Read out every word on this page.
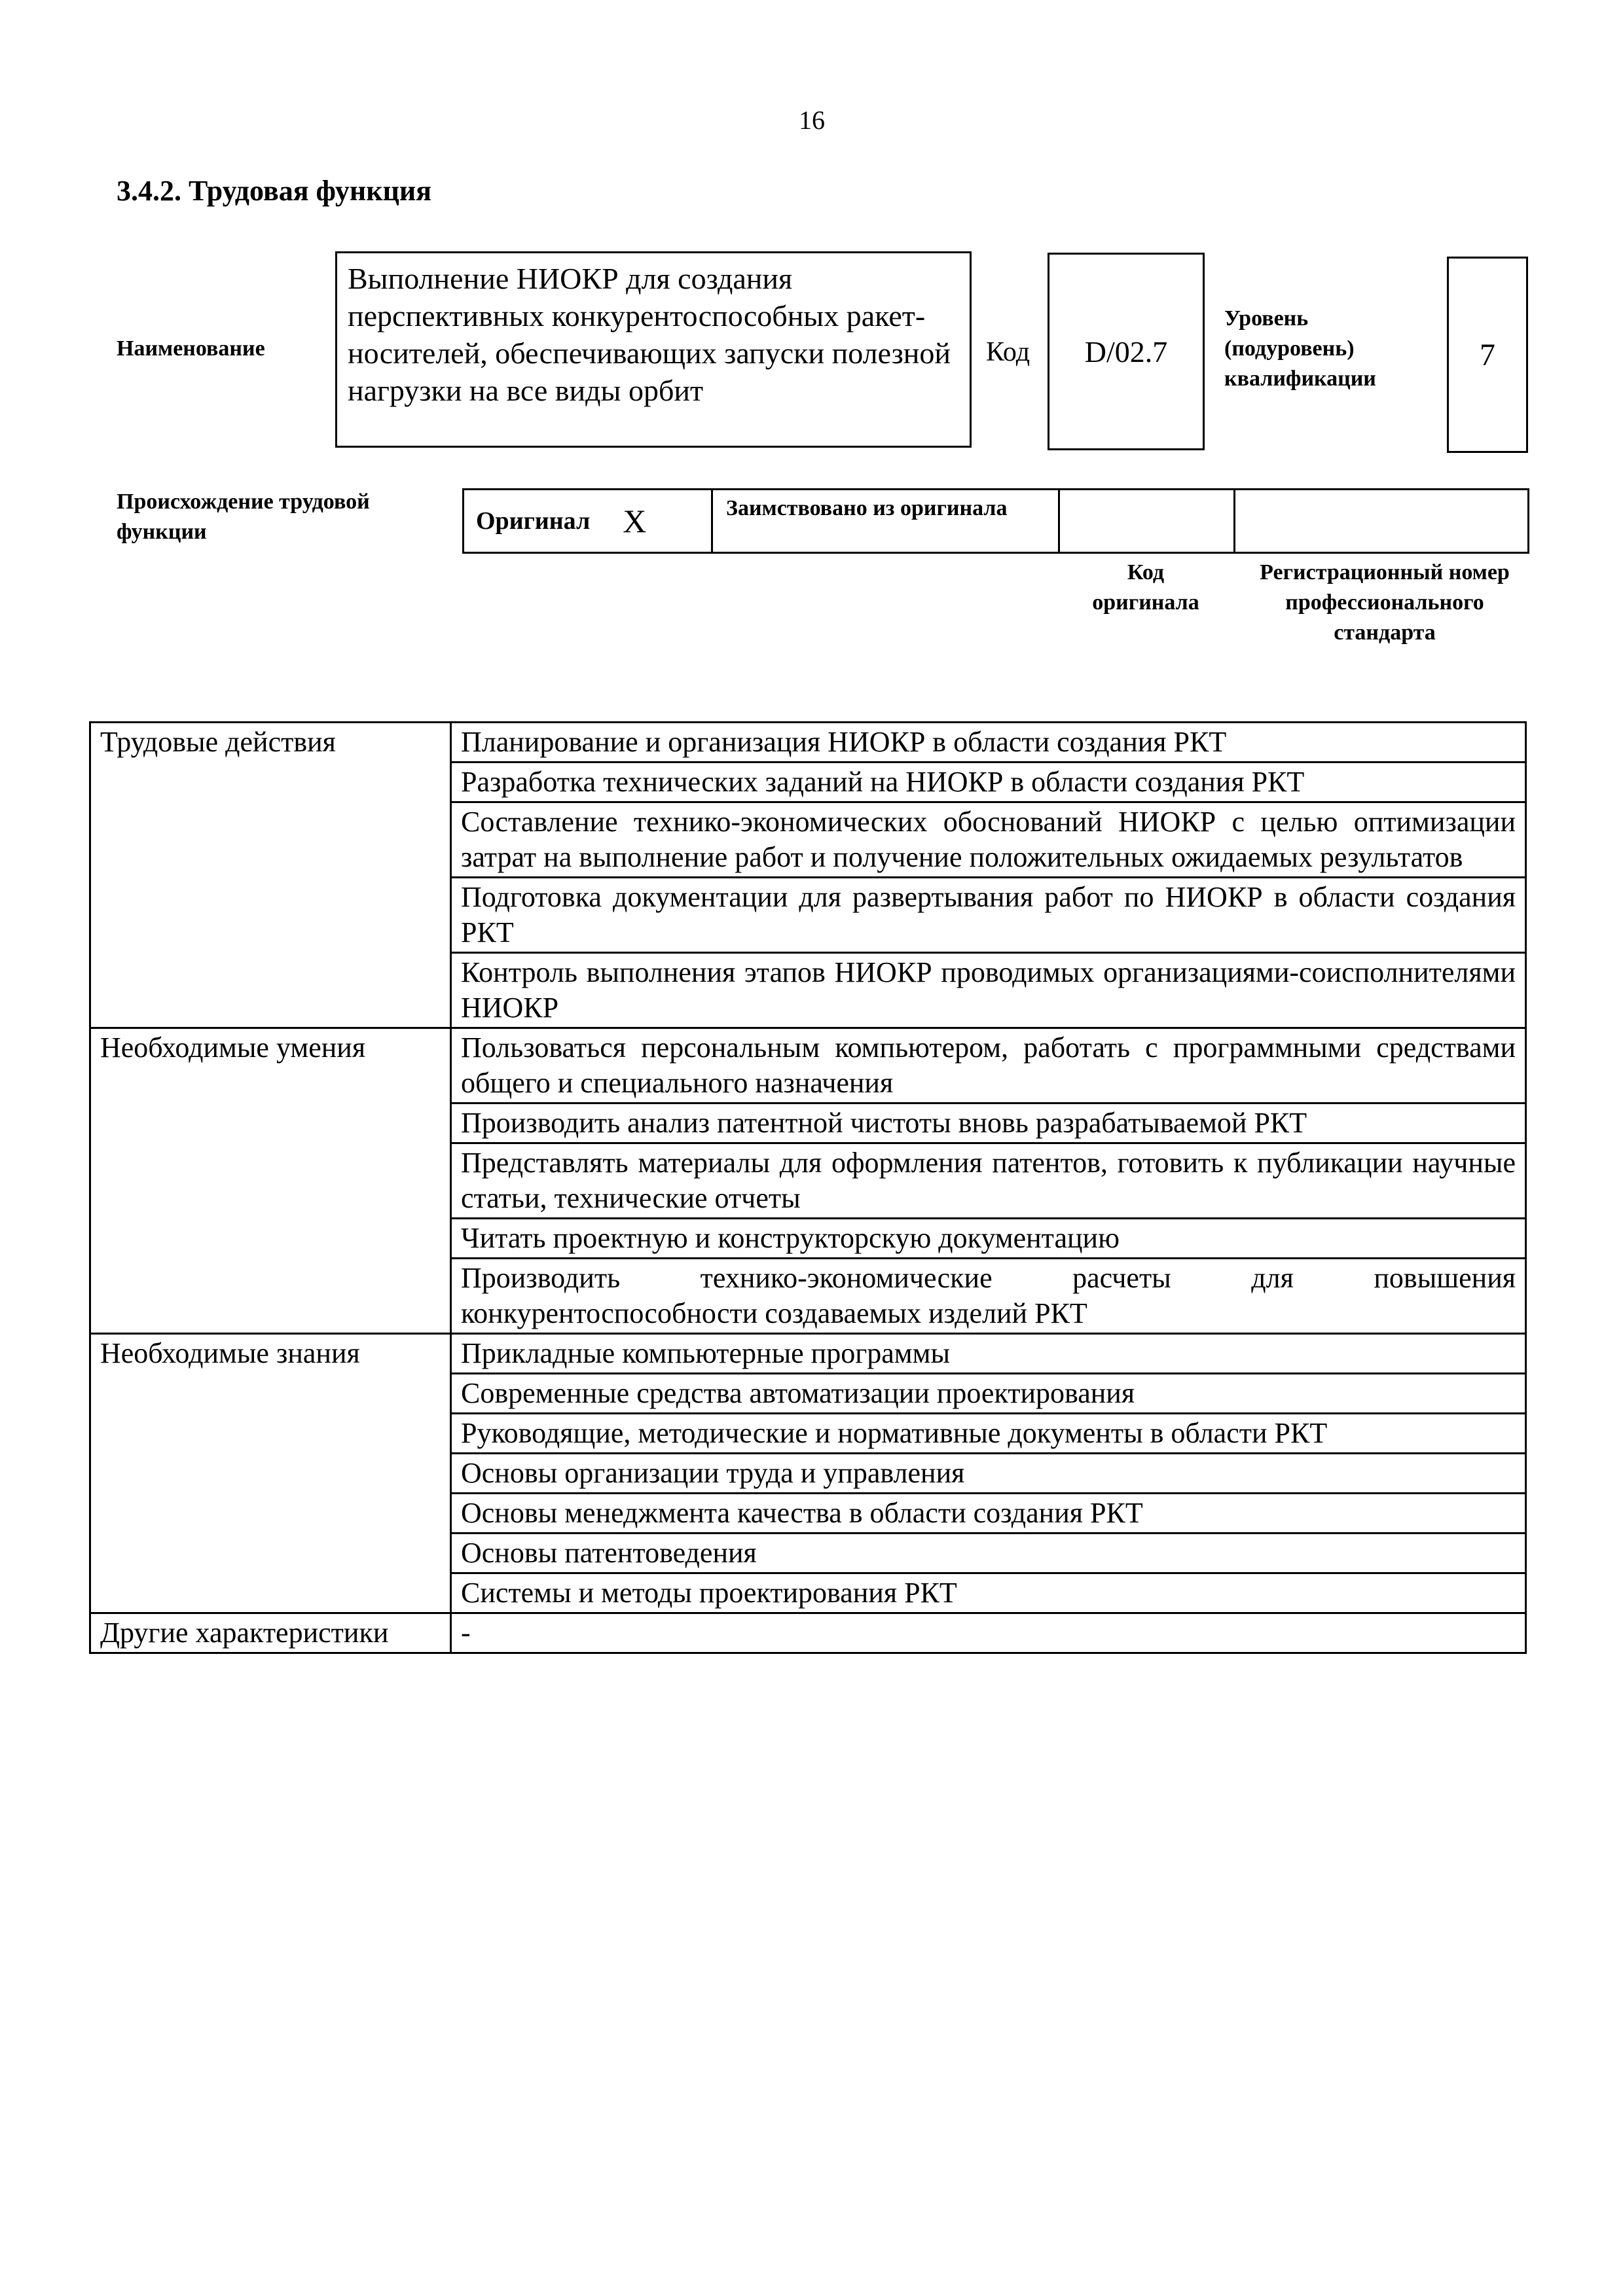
16
3.4.2. Трудовая функция
Наименование
Выполнение НИОКР для создания перспективных конкурентоспособных ракет-носителей, обеспечивающих запуски полезной нагрузки на все виды орбит
Код D/02.7
Уровень (подуровень) квалификации
7
Происхождение трудовой функции	Оригинал X	Заимствовано из оригинала
Код оригинала
Регистрационный номер профессионального стандарта
Трудовые действия	Планирование и организация НИОКР в области создания РКТ
	Разработка технических заданий на НИОКР в области создания РКТ
	Составление технико-экономических обоснований НИОКР с целью оптимизации затрат на выполнение работ и получение положительных ожидаемых результатов
	Подготовка документации для развертывания работ по НИОКР в области создания РКТ
	Контроль выполнения этапов НИОКР проводимых организациями-соисполнителями НИОКР
Необходимые умения	Пользоваться персональным компьютером, работать с программными средствами общего и специального назначения
	Производить анализ патентной чистоты вновь разрабатываемой РКТ
	Представлять материалы для оформления патентов, готовить к публикации научные статьи, технические отчеты
	Читать проектную и конструкторскую документацию
	Производить технико-экономические расчеты для повышения конкурентоспособности создаваемых изделий РКТ
Необходимые знания	Прикладные компьютерные программы
	Современные средства автоматизации проектирования
	Руководящие, методические и нормативные документы в области РКТ
	Основы организации труда и управления
	Основы менеджмента качества в области создания РКТ
	Основы патентоведения
	Системы и методы проектирования РКТ
Другие характеристики	-
